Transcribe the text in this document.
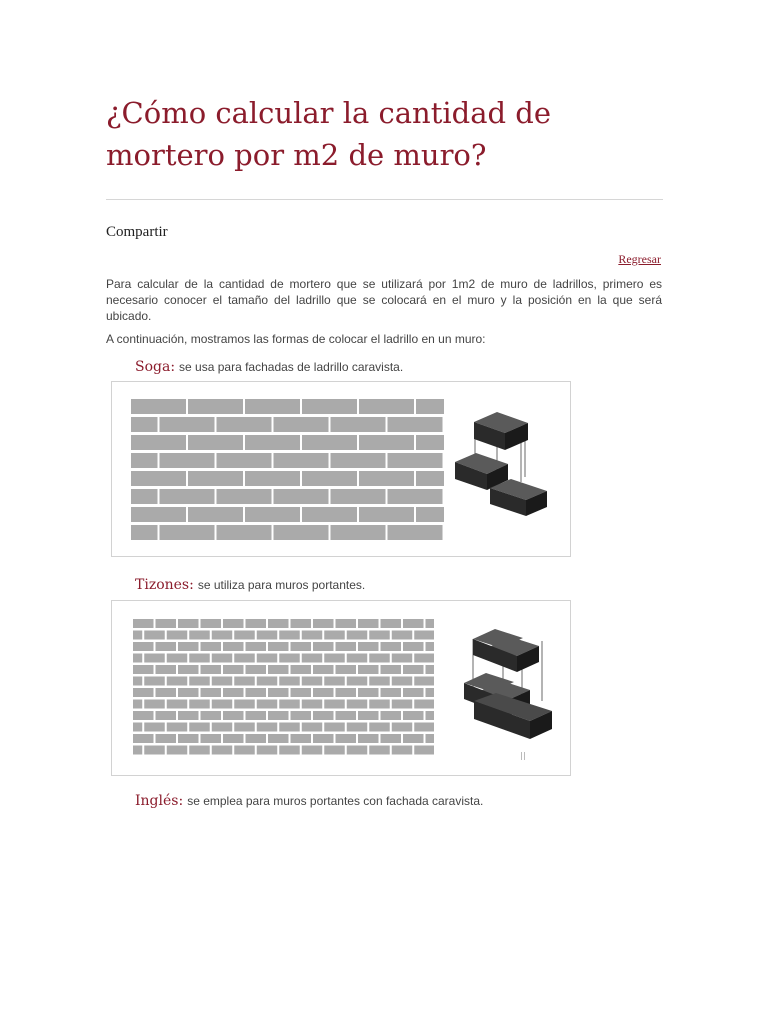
¿Cómo calcular la cantidad de mortero por m2 de muro?
Compartir
Regresar

Para calcular de la cantidad de mortero que se utilizará por 1m2 de muro de ladrillos, primero es necesario conocer el tamaño del ladrillo que se colocará en el muro y la posición en la que será ubicado.

A continuación, mostramos las formas de colocar el ladrillo en un muro:

Soga: se usa para fachadas de ladrillo caravista.
Tizones: se utiliza para muros portantes.
Inglés: se emplea para muros portantes con fachada caravista.
